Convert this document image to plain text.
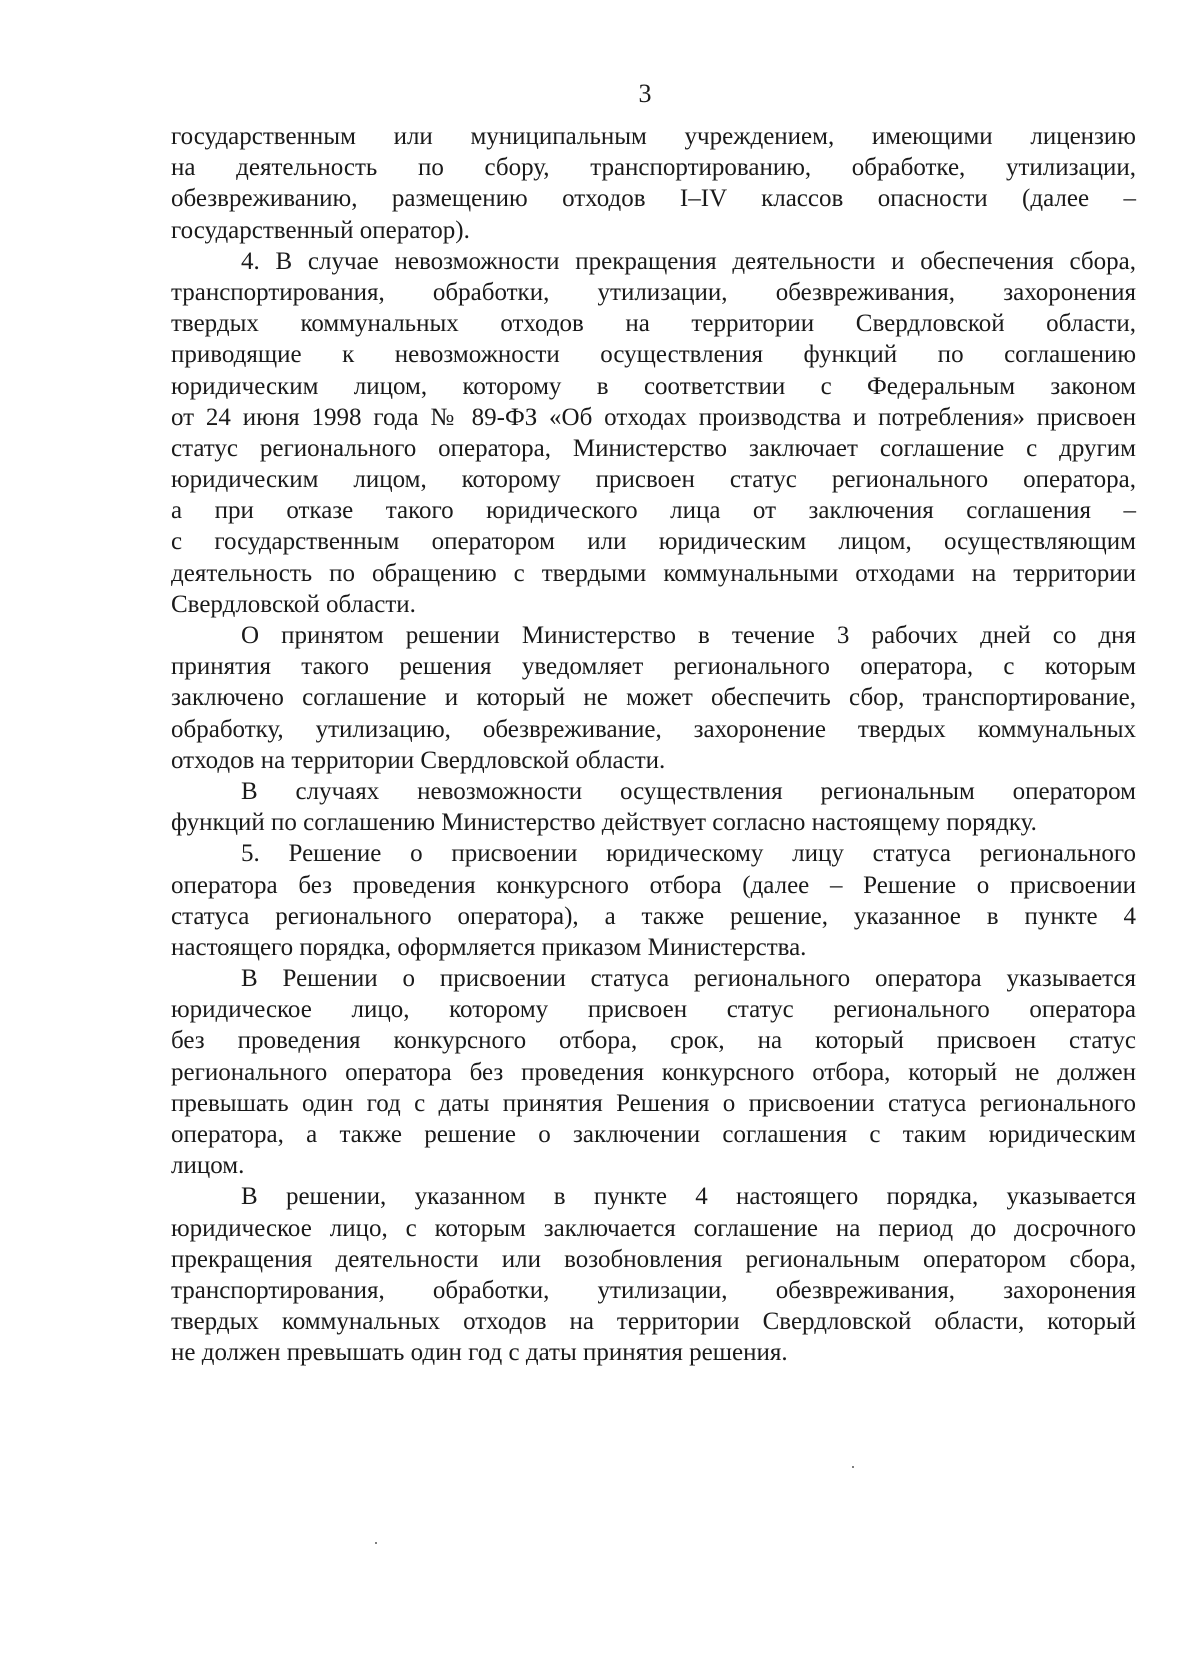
3
государственным или муниципальным учреждением, имеющими лицензию
на деятельность по сбору, транспортированию, обработке, утилизации,
обезвреживанию, размещению отходов I–IV классов опасности (далее –
государственный оператор).
4. В случае невозможности прекращения деятельности и обеспечения сбора,
транспортирования, обработки, утилизации, обезвреживания, захоронения
твердых коммунальных отходов на территории Свердловской области,
приводящие к невозможности осуществления функций по соглашению
юридическим лицом, которому в соответствии с Федеральным законом
от 24 июня 1998 года № 89-ФЗ «Об отходах производства и потребления» присвоен
статус регионального оператора, Министерство заключает соглашение с другим
юридическим лицом, которому присвоен статус регионального оператора,
а при отказе такого юридического лица от заключения соглашения –
с государственным оператором или юридическим лицом, осуществляющим
деятельность по обращению с твердыми коммунальными отходами на территории
Свердловской области.
О принятом решении Министерство в течение 3 рабочих дней со дня
принятия такого решения уведомляет регионального оператора, с которым
заключено соглашение и который не может обеспечить сбор, транспортирование,
обработку, утилизацию, обезвреживание, захоронение твердых коммунальных
отходов на территории Свердловской области.
В случаях невозможности осуществления региональным оператором
функций по соглашению Министерство действует согласно настоящему порядку.
5. Решение о присвоении юридическому лицу статуса регионального
оператора без проведения конкурсного отбора (далее – Решение о присвоении
статуса регионального оператора), а также решение, указанное в пункте 4
настоящего порядка, оформляется приказом Министерства.
В Решении о присвоении статуса регионального оператора указывается
юридическое лицо, которому присвоен статус регионального оператора
без проведения конкурсного отбора, срок, на который присвоен статус
регионального оператора без проведения конкурсного отбора, который не должен
превышать один год с даты принятия Решения о присвоении статуса регионального
оператора, а также решение о заключении соглашения с таким юридическим
лицом.
В решении, указанном в пункте 4 настоящего порядка, указывается
юридическое лицо, с которым заключается соглашение на период до досрочного
прекращения деятельности или возобновления региональным оператором сбора,
транспортирования, обработки, утилизации, обезвреживания, захоронения
твердых коммунальных отходов на территории Свердловской области, который
не должен превышать один год с даты принятия решения.
